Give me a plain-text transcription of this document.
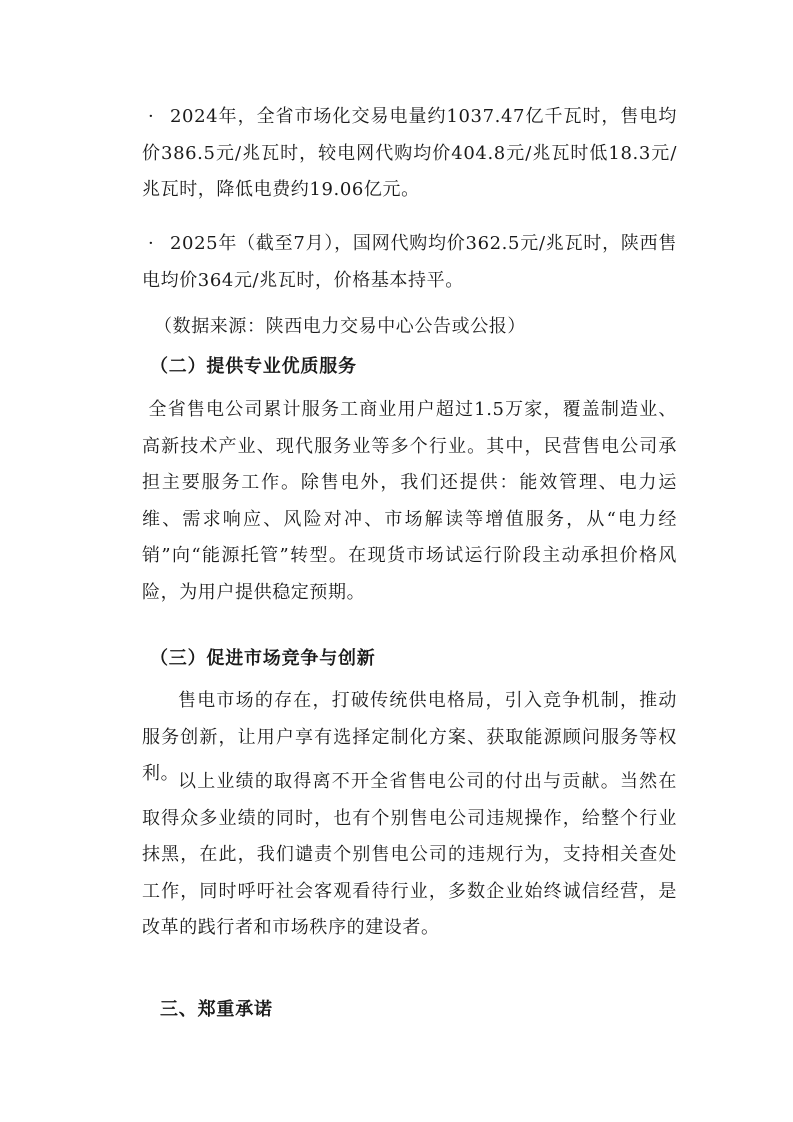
· 2024年，全省市场化交易电量约1037.47亿千瓦时，售电均价386.5元/兆瓦时，较电网代购均价404.8元/兆瓦时低18.3元/兆瓦时，降低电费约19.06亿元。

· 2025年（截至7月），国网代购均价362.5元/兆瓦时，陕西售电均价364元/兆瓦时，价格基本持平。

（数据来源：陕西电力交易中心公告或公报）

（二）提供专业优质服务

全省售电公司累计服务工商业用户超过1.5万家，覆盖制造业、高新技术产业、现代服务业等多个行业。其中，民营售电公司承担主要服务工作。除售电外，我们还提供：能效管理、电力运维、需求响应、风险对冲、市场解读等增值服务，从“电力经销”向“能源托管”转型。在现货市场试运行阶段主动承担价格风险，为用户提供稳定预期。

（三）促进市场竞争与创新

售电市场的存在，打破传统供电格局，引入竞争机制，推动服务创新，让用户享有选择定制化方案、获取能源顾问服务等权利。

以上业绩的取得离不开全省售电公司的付出与贡献。当然在取得众多业绩的同时，也有个别售电公司违规操作，给整个行业抹黑，在此，我们谴责个别售电公司的违规行为，支持相关查处工作，同时呼吁社会客观看待行业，多数企业始终诚信经营，是改革的践行者和市场秩序的建设者。

三、郑重承诺
